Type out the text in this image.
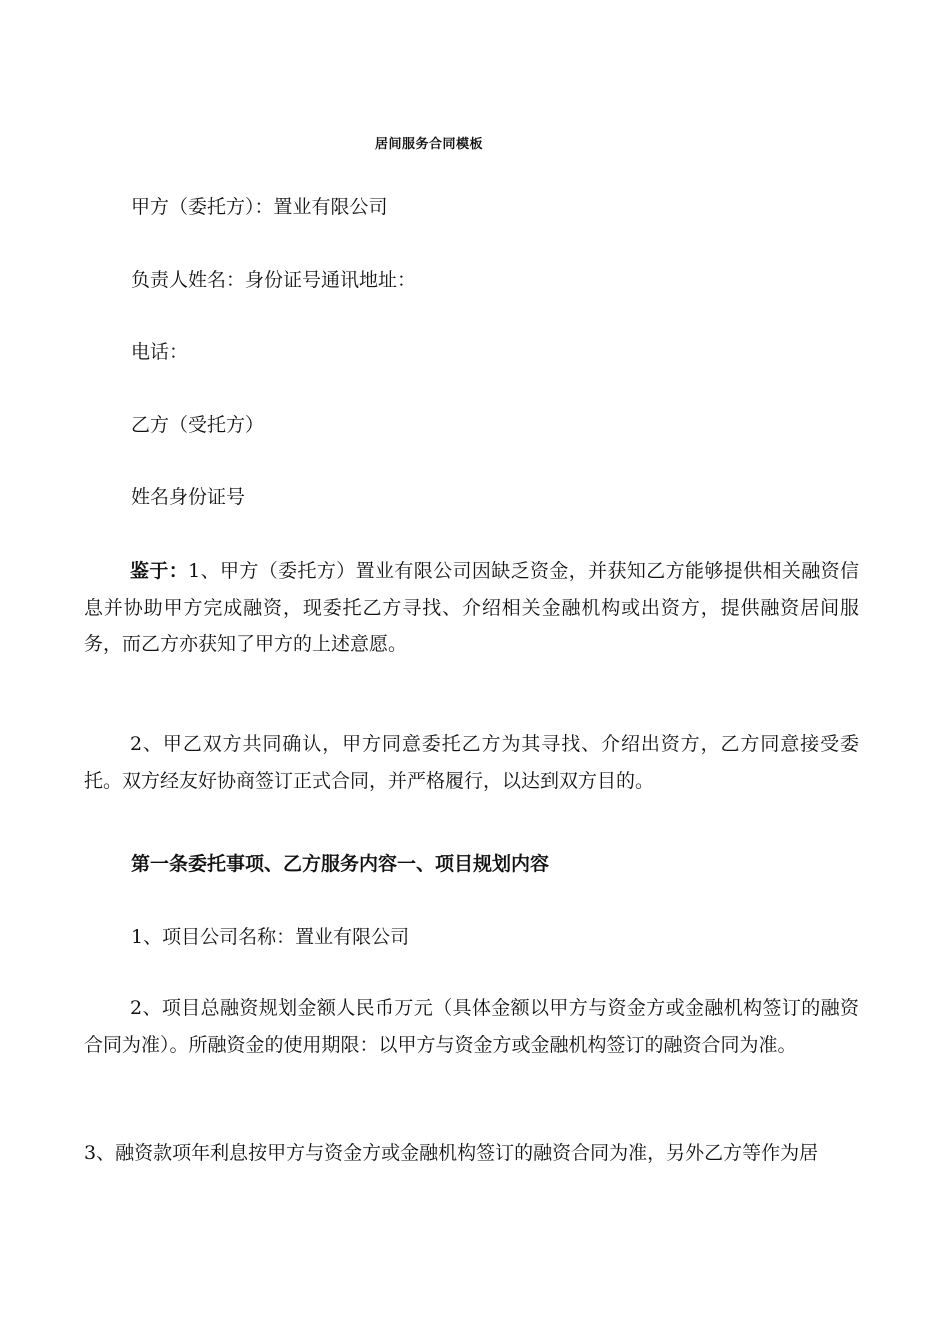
居间服务合同模板
甲方（委托方）：置业有限公司
负责人姓名：身份证号通讯地址：
电话：
乙方（受托方）
姓名身份证号
鉴于：1、甲方（委托方）置业有限公司因缺乏资金，并获知乙方能够提供相关融资信息并协助甲方完成融资，现委托乙方寻找、介绍相关金融机构或出资方，提供融资居间服务，而乙方亦获知了甲方的上述意愿。
2、甲乙双方共同确认，甲方同意委托乙方为其寻找、介绍出资方，乙方同意接受委托。双方经友好协商签订正式合同，并严格履行，以达到双方目的。
第一条委托事项、乙方服务内容一、项目规划内容
1、项目公司名称：置业有限公司
2、项目总融资规划金额人民币万元（具体金额以甲方与资金方或金融机构签订的融资合同为准）。所融资金的使用期限：以甲方与资金方或金融机构签订的融资合同为准。
3、融资款项年利息按甲方与资金方或金融机构签订的融资合同为准，另外乙方等作为居
